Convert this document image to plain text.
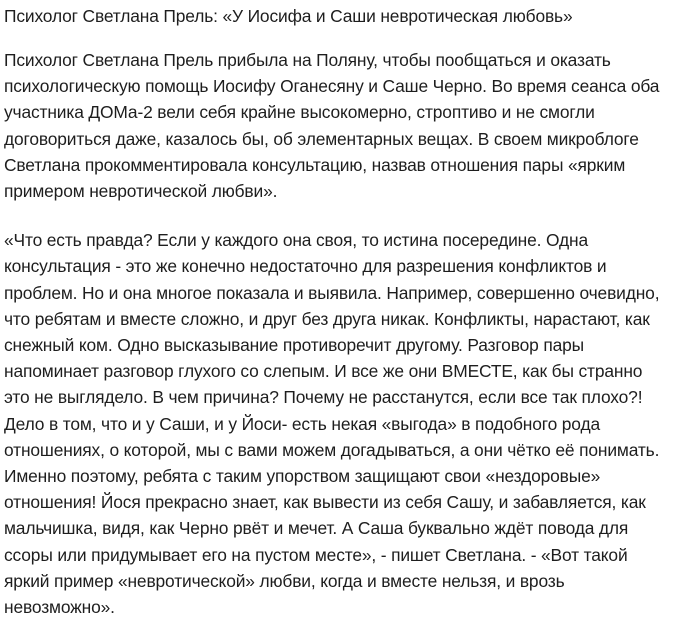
Психолог Светлана Прель: «У Иосифа и Саши невротическая любовь»

Психолог Светлана Прель прибыла на Поляну, чтобы пообщаться и оказать
психологическую помощь Иосифу Оганесяну и Саше Черно. Во время сеанса оба
участника ДОМа-2 вели себя крайне высокомерно, строптиво и не смогли
договориться даже, казалось бы, об элементарных вещах. В своем микроблоге
Светлана прокомментировала консультацию, назвав отношения пары «ярким
примером невротической любви».

«Что есть правда? Если у каждого она своя, то истина посередине. Одна
консультация - это же конечно недостаточно для разрешения конфликтов и
проблем. Но и она многое показала и выявила. Например, совершенно очевидно,
что ребятам и вместе сложно, и друг без друга никак. Конфликты, нарастают, как
снежный ком. Одно высказывание противоречит другому. Разговор пары
напоминает разговор глухого со слепым. И все же они ВМЕСТЕ, как бы странно
это не выглядело. В чем причина? Почему не расстанутся, если все так плохо?!
Дело в том, что и у Саши, и у Йоси- есть некая «выгода» в подобного рода
отношениях, о которой, мы с вами можем догадываться, а они чётко её понимать.
Именно поэтому, ребята с таким упорством защищают свои «нездоровые»
отношения! Йося прекрасно знает, как вывести из себя Сашу, и забавляется, как
мальчишка, видя, как Черно рвёт и мечет. А Саша буквально ждёт повода для
ссоры или придумывает его на пустом месте», - пишет Светлана. - «Вот такой
яркий пример «невротической» любви, когда и вместе нельзя, и врозь
невозможно».
